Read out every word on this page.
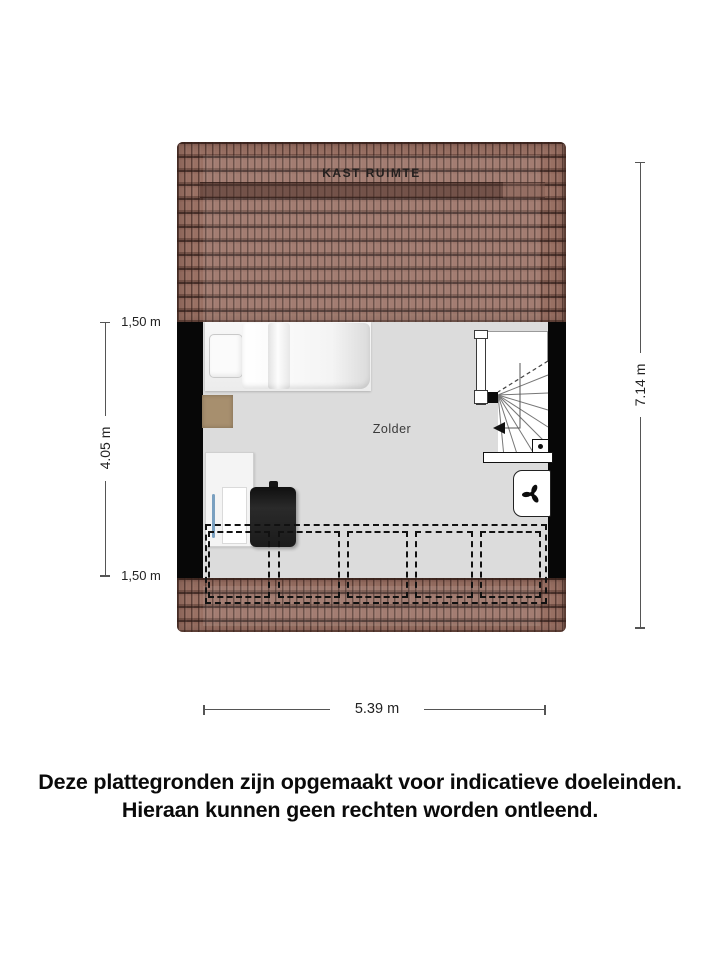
KAST RUIMTE
Zolder
1,50 m
4.05 m
1,50 m
7.14 m
5.39 m
Deze plattegronden zijn opgemaakt voor indicatieve doeleinden.
Hieraan kunnen geen rechten worden ontleend.
